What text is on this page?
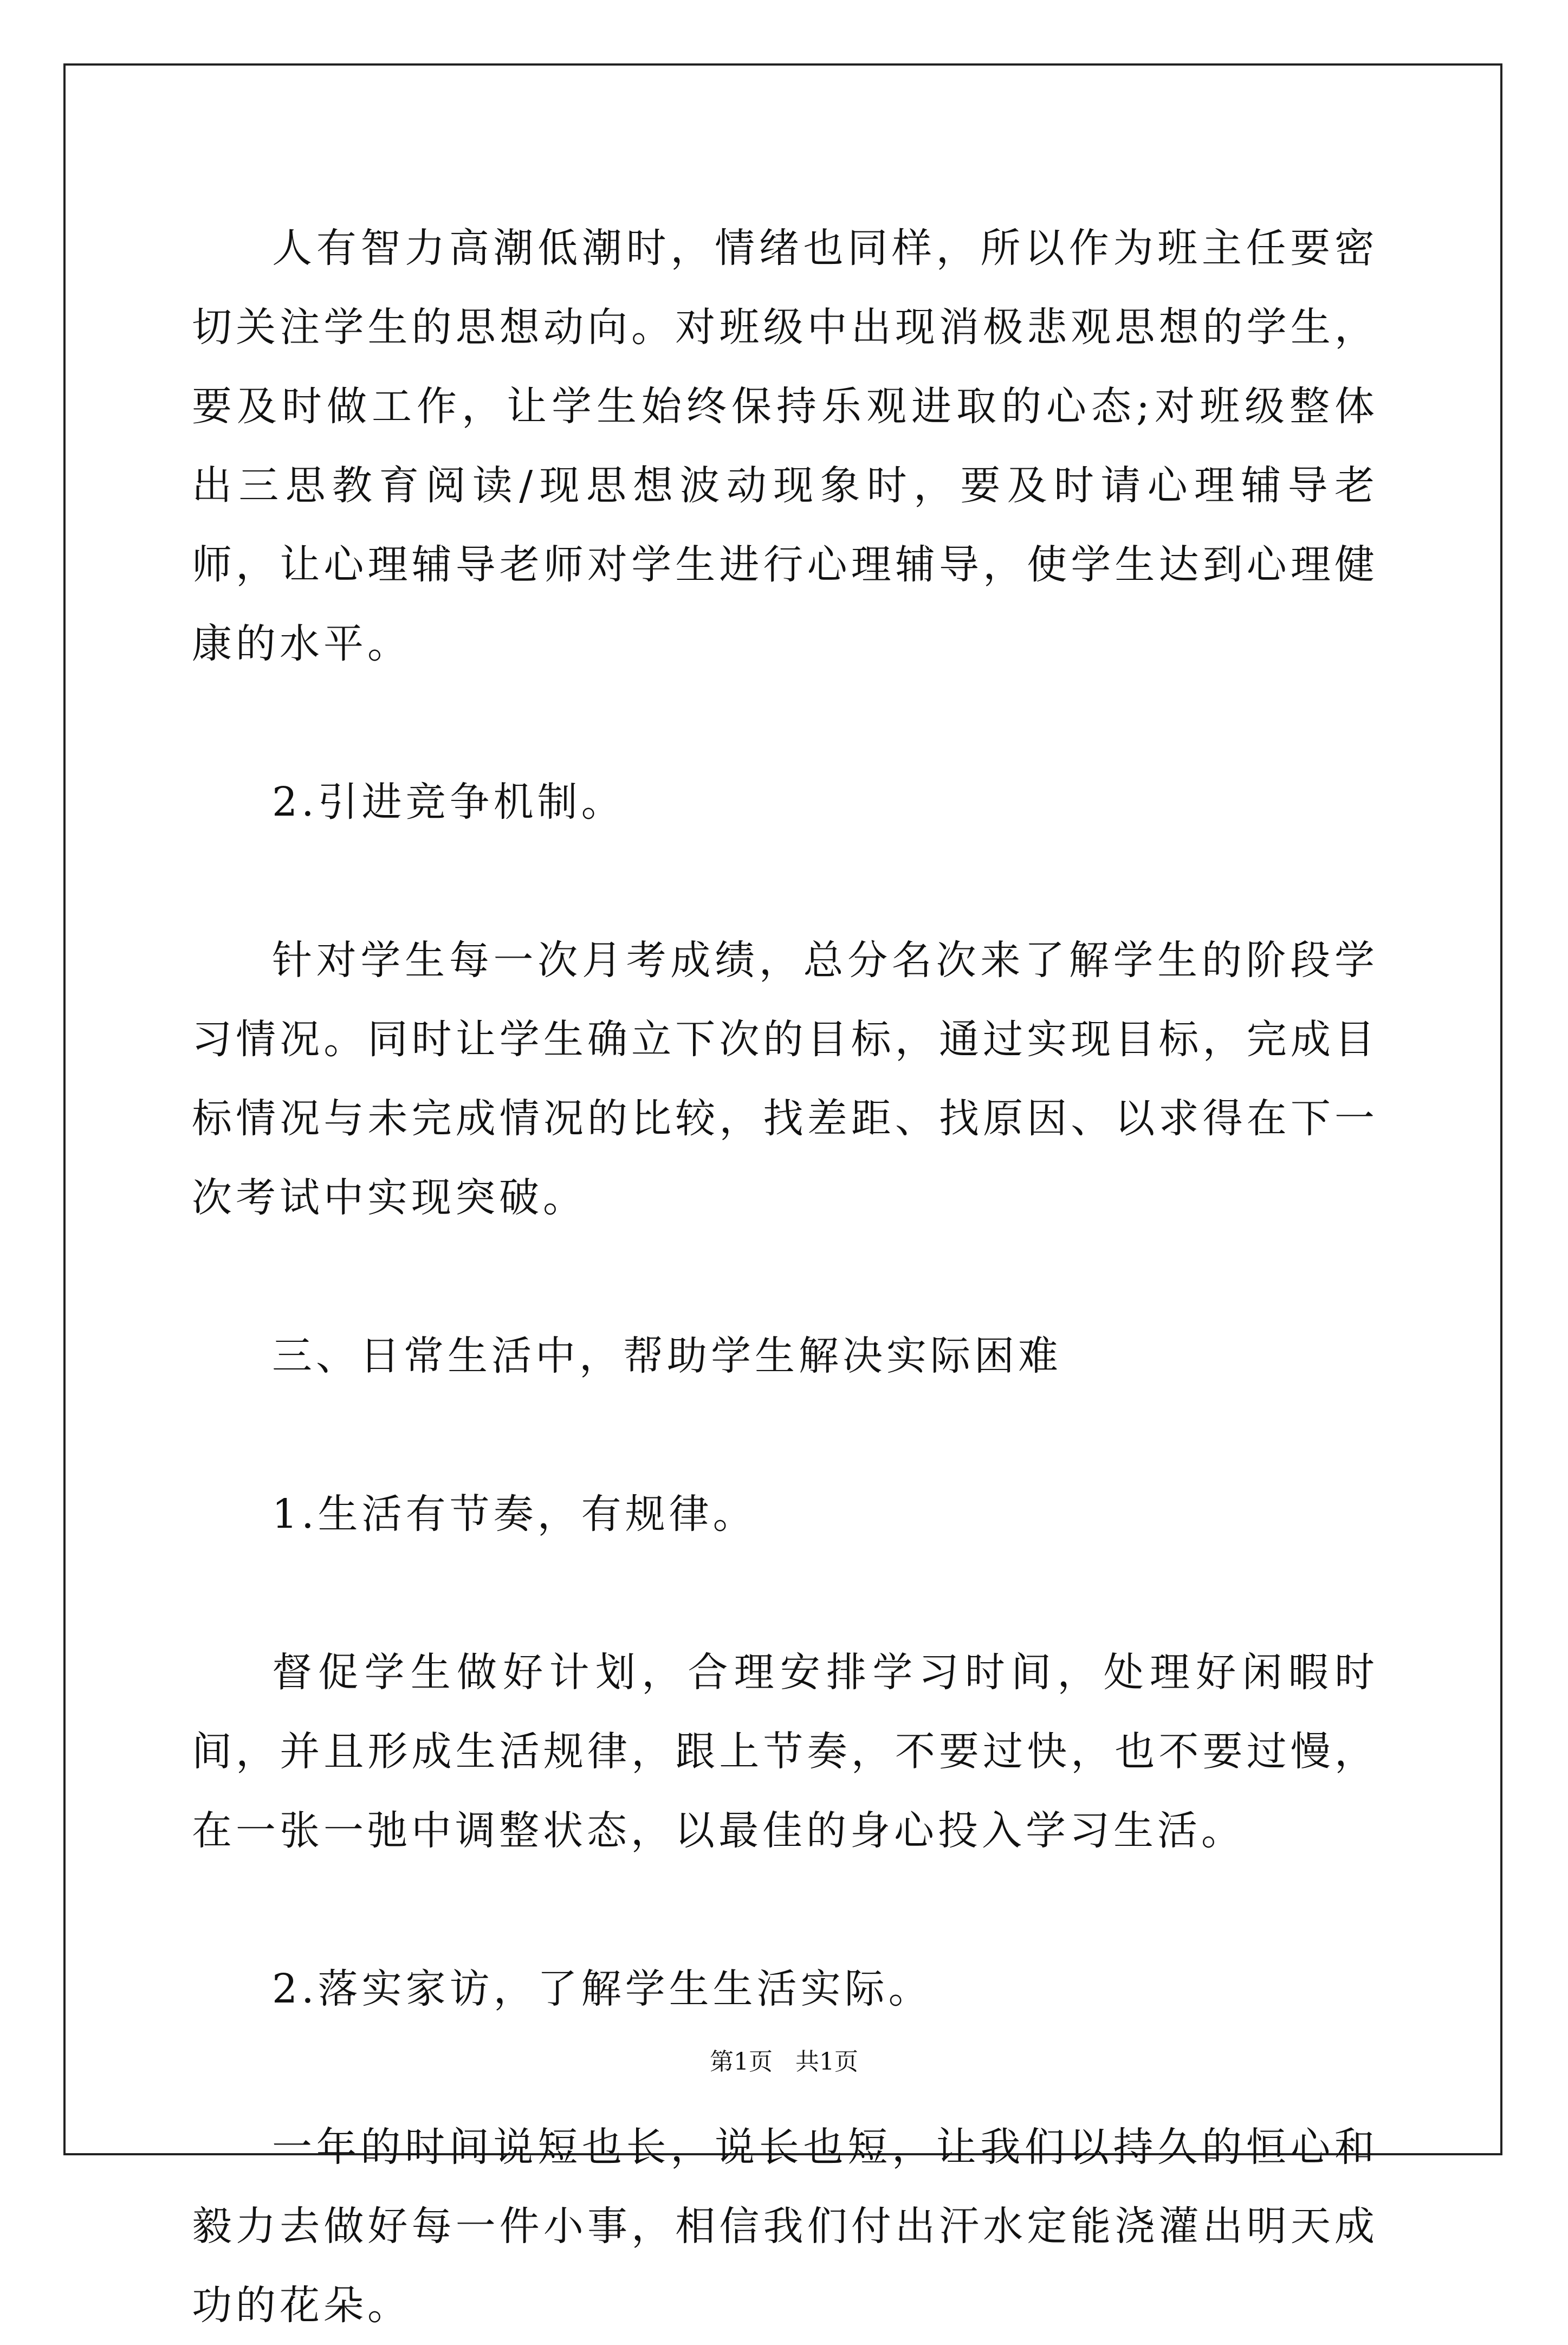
人有智力高潮低潮时，情绪也同样，所以作为班主任要密切关注学生的思想动向。对班级中出现消极悲观思想的学生，要及时做工作，让学生始终保持乐观进取的心态;对班级整体出三思教育阅读/现思想波动现象时，要及时请心理辅导老师，让心理辅导老师对学生进行心理辅导，使学生达到心理健康的水平。

2.引进竞争机制。

针对学生每一次月考成绩，总分名次来了解学生的阶段学习情况。同时让学生确立下次的目标，通过实现目标，完成目标情况与未完成情况的比较，找差距、找原因、以求得在下一次考试中实现突破。

三、日常生活中，帮助学生解决实际困难

1.生活有节奏，有规律。

督促学生做好计划，合理安排学习时间，处理好闲暇时间，并且形成生活规律，跟上节奏，不要过快，也不要过慢，在一张一弛中调整状态，以最佳的身心投入学习生活。

2.落实家访，了解学生生活实际。

一年的时间说短也长，说长也短，让我们以持久的恒心和毅力去做好每一件小事，相信我们付出汗水定能浇灌出明天成功的花朵。

第1页 共1页
